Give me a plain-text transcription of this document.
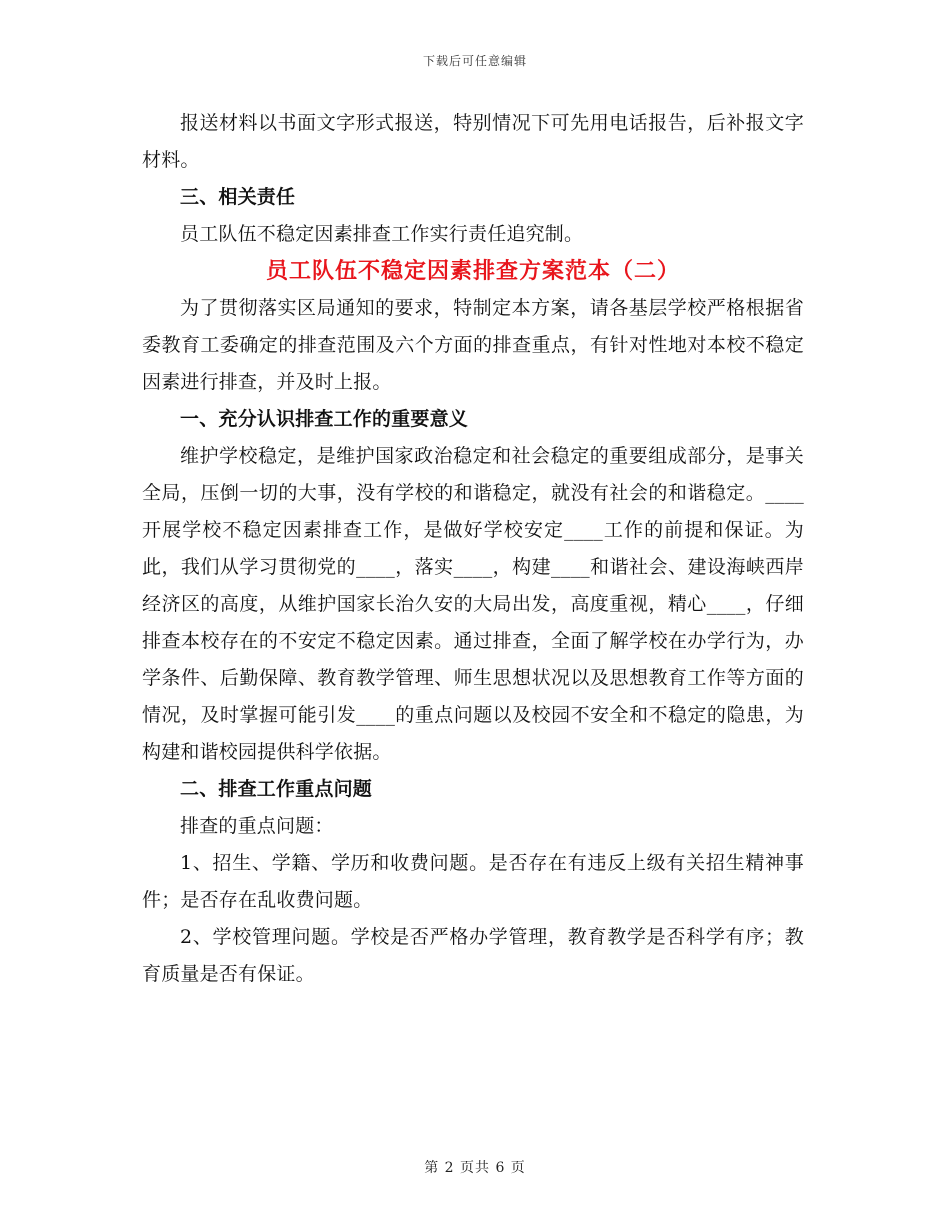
下载后可任意编辑

报送材料以书面文字形式报送，特别情况下可先用电话报告，后补报文字材料。

三、相关责任

员工队伍不稳定因素排查工作实行责任追究制。

员工队伍不稳定因素排查方案范本（二）

为了贯彻落实区局通知的要求，特制定本方案，请各基层学校严格根据省委教育工委确定的排查范围及六个方面的排查重点，有针对性地对本校不稳定因素进行排查，并及时上报。

一、充分认识排查工作的重要意义

维护学校稳定，是维护国家政治稳定和社会稳定的重要组成部分，是事关全局，压倒一切的大事，没有学校的和谐稳定，就没有社会的和谐稳定。____开展学校不稳定因素排查工作，是做好学校安定____工作的前提和保证。为此，我们从学习贯彻党的____，落实____，构建____和谐社会、建设海峡西岸经济区的高度，从维护国家长治久安的大局出发，高度重视，精心____，仔细排查本校存在的不安定不稳定因素。通过排查，全面了解学校在办学行为，办学条件、后勤保障、教育教学管理、师生思想状况以及思想教育工作等方面的情况，及时掌握可能引发____的重点问题以及校园不安全和不稳定的隐患，为构建和谐校园提供科学依据。

二、排查工作重点问题

排查的重点问题：

1、招生、学籍、学历和收费问题。是否存在有违反上级有关招生精神事件；是否存在乱收费问题。

2、学校管理问题。学校是否严格办学管理，教育教学是否科学有序；教育质量是否有保证。

第 2 页共 6 页
